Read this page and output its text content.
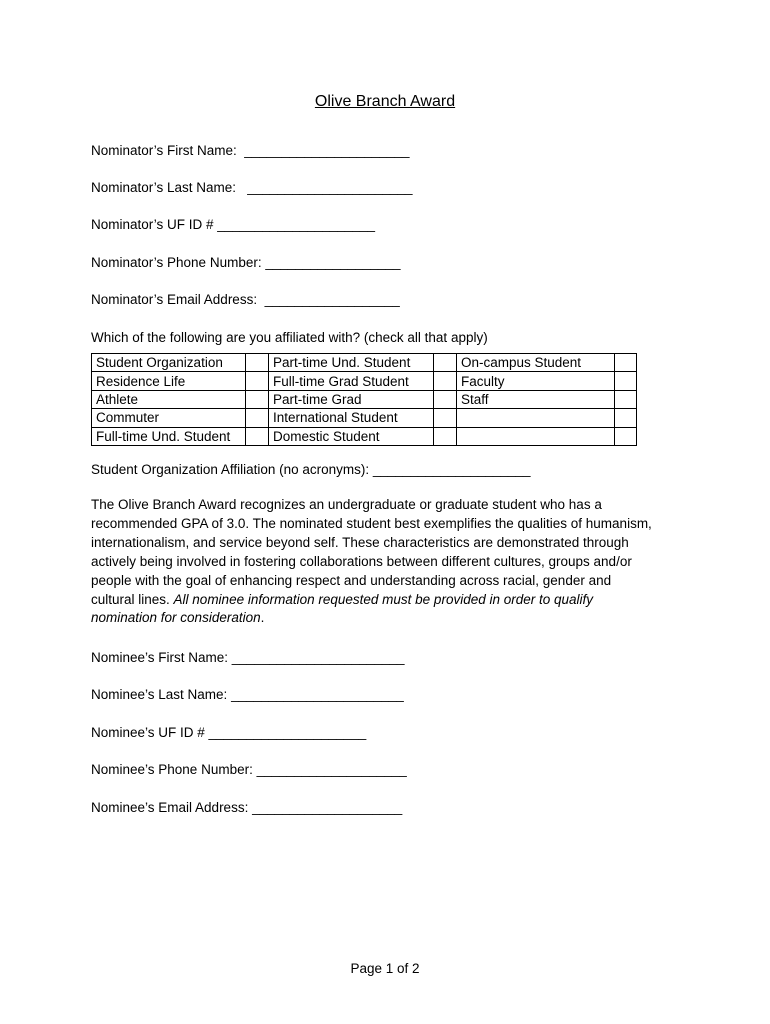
Olive Branch Award
Nominator’s First Name:  ______________________
Nominator’s Last Name:   ______________________
Nominator’s UF ID # _____________________
Nominator’s Phone Number: __________________
Nominator’s Email Address:  __________________
Which of the following are you affiliated with? (check all that apply)
Student Organization		Part-time Und. Student		On-campus Student	
Residence Life		Full-time Grad Student		Faculty	
Athlete		Part-time Grad		Staff	
Commuter		International Student			
Full-time Und. Student		Domestic Student			
Student Organization Affiliation (no acronyms): _____________________
The Olive Branch Award recognizes an undergraduate or graduate student who has a
recommended GPA of 3.0. The nominated student best exemplifies the qualities of humanism,
internationalism, and service beyond self. These characteristics are demonstrated through
actively being involved in fostering collaborations between different cultures, groups and/or
people with the goal of enhancing respect and understanding across racial, gender and
cultural lines. All nominee information requested must be provided in order to qualify
nomination for consideration.
Nominee’s First Name: _______________________
Nominee’s Last Name: _______________________
Nominee’s UF ID # _____________________
Nominee’s Phone Number: ____________________
Nominee’s Email Address: ____________________
Page 1 of 2
